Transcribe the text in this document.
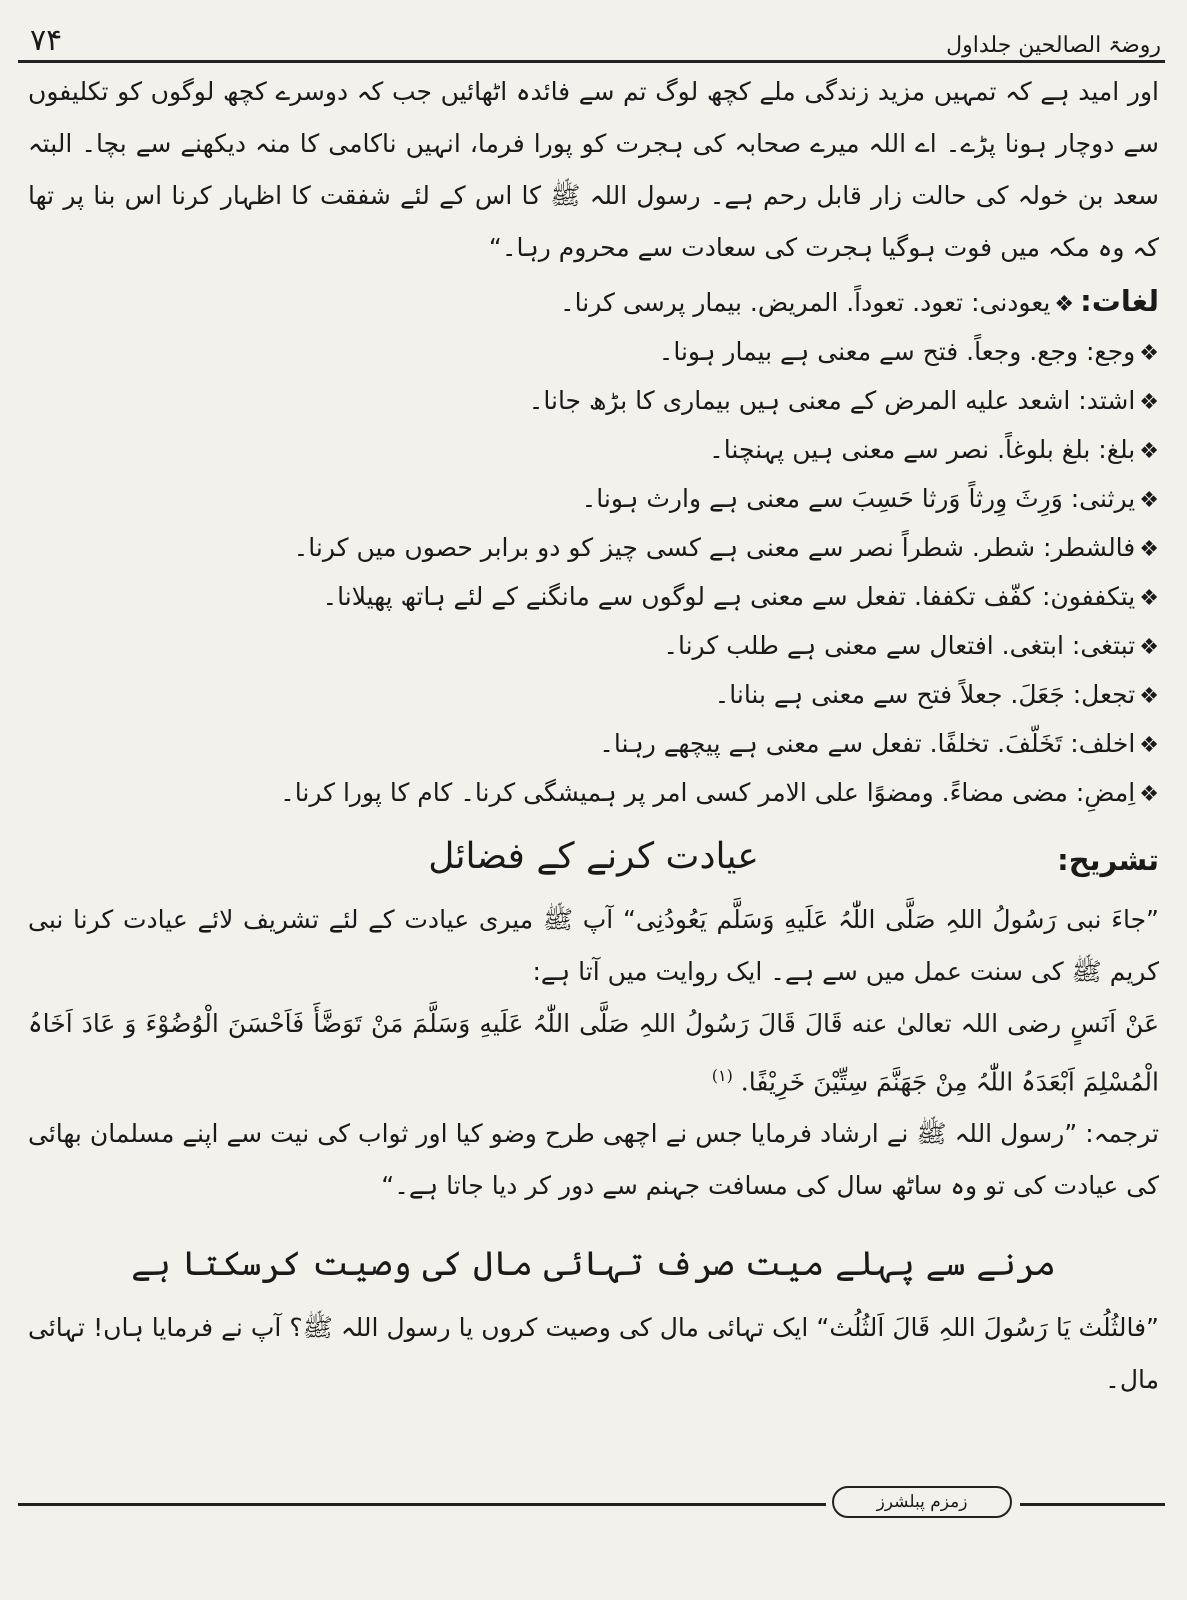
۷۴	روضۃ الصالحین جلداول

اور امید ہے کہ تمہیں مزید زندگی ملے کچھ لوگ تم سے فائدہ اٹھائیں جب کہ دوسرے کچھ لوگوں کو تکلیفوں سے دوچار ہونا پڑے۔ اے اللہ میرے صحابہ کی ہجرت کو پورا فرما، انہیں ناکامی کا منہ دیکھنے سے بچا۔ البتہ سعد بن خولہ کی حالت زار قابل رحم ہے۔ رسول اللہ ﷺ کا اس کے لئے شفقت کا اظہار کرنا اس بنا پر تھا کہ وہ مکہ میں فوت ہوگیا ہجرت کی سعادت سے محروم رہا۔“

لغات:❖یعودنی: تعود. تعوداً. المریض. بیمار پرسی کرنا۔

❖وجع: وجع. وجعاً. فتح سے معنی ہے بیمار ہونا۔

❖اشتد: اشعد علیه المرض کے معنی ہیں بیماری کا بڑھ جانا۔

❖بلغ: بلغ بلوغاً. نصر سے معنی ہیں پہنچنا۔

❖یرثنی: وَرِثَ وِرثاً وَرثا حَسِبَ سے معنی ہے وارث ہونا۔

❖فالشطر: شطر. شطراً نصر سے معنی ہے کسی چیز کو دو برابر حصوں میں کرنا۔

❖یتکففون: کفّف تکففا. تفعل سے معنی ہے لوگوں سے مانگنے کے لئے ہاتھ پھیلانا۔

❖تبتغی: ابتغی. افتعال سے معنی ہے طلب کرنا۔

❖تجعل: جَعَلَ. جعلاً فتح سے معنی ہے بنانا۔

❖اخلف: تَخَلّفَ. تخلفًا. تفعل سے معنی ہے پیچھے رہنا۔

❖اِمضِ: مضی مضاءً. ومضوًا علی الامر کسی امر پر ہمیشگی کرنا۔ کام کا پورا کرنا۔

تشریح:
عیادت کرنے کے فضائل

”جاءَ نبی رَسُولُ اللہِ صَلَّی اللّٰہُ عَلَیهِ وَسَلَّم یَعُودُنِی“ آپ ﷺ میری عیادت کے لئے تشریف لائے عیادت کرنا نبی کریم ﷺ کی سنت عمل میں سے ہے۔ ایک روایت میں آتا ہے:

عَنْ اَنَسٍ رضی اللہ تعالیٰ عنه قَالَ قَالَ رَسُولُ اللہِ صَلَّی اللّٰہُ عَلَیهِ وَسَلَّمَ مَنْ تَوَضَّأَ فَاَحْسَنَ الْوُضُوْءَ وَ عَادَ اَخَاہُ الْمُسْلِمَ اَبْعَدَہُ اللّٰہُ مِنْ جَهَنَّمَ سِتِّیْنَ خَرِیْفًا. $^{(۱)}$

ترجمہ: ”رسول اللہ ﷺ نے ارشاد فرمایا جس نے اچھی طرح وضو کیا اور ثواب کی نیت سے اپنے مسلمان بھائی کی عیادت کی تو وہ ساٹھ سال کی مسافت جہنم سے دور کر دیا جاتا ہے۔“

مرنے سے پہلے میت صرف تہائی مال کی وصیت کرسکتا ہے

”فالثُلُث یَا رَسُولَ اللہِ قَالَ اَلثُلُث“ ایک تہائی مال کی وصیت کروں یا رسول اللہ ﷺ؟ آپ نے فرمایا ہاں! تہائی مال۔

زمزم پبلشرز
